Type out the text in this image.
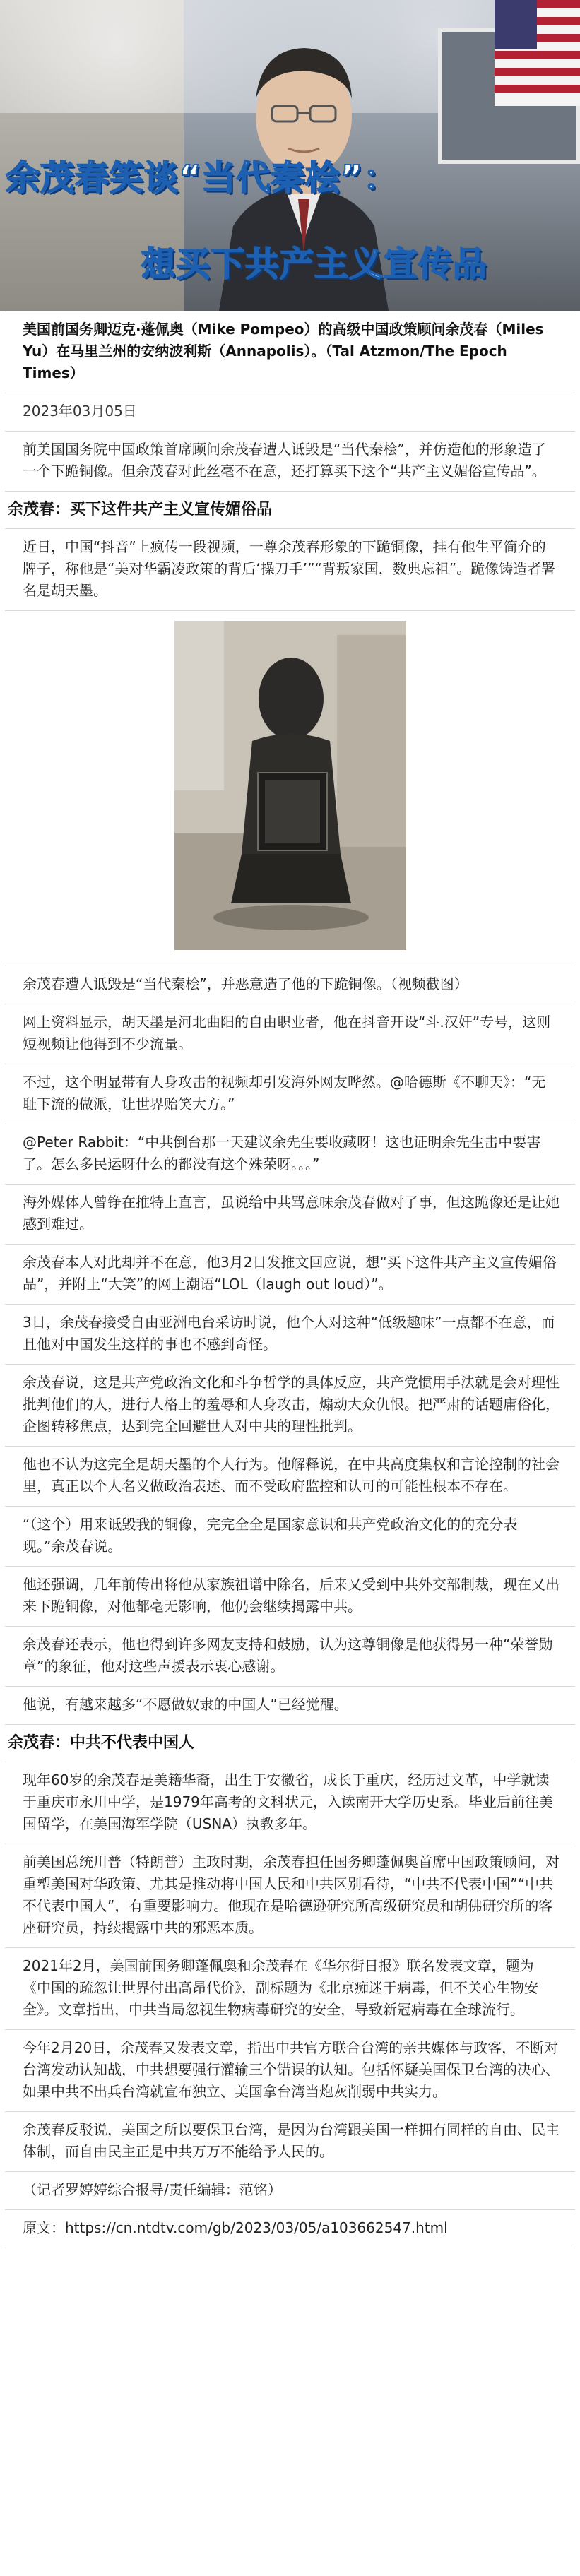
余茂春笑谈“当代秦桧”：
想买下共产主义宣传品
美国前国务卿迈克·蓬佩奥（Mike Pompeo）的高级中国政策顾问余茂春（Miles Yu）在马里兰州的安纳波利斯（Annapolis）。（Tal Atzmon/The Epoch Times）
2023年03月05日
前美国国务院中国政策首席顾问余茂春遭人诋毁是“当代秦桧”，并仿造他的形象造了一个下跪铜像。但余茂春对此丝毫不在意，还打算买下这个“共产主义媚俗宣传品”。
余茂春：买下这件共产主义宣传媚俗品
近日，中国“抖音”上疯传一段视频，一尊余茂春形象的下跪铜像，挂有他生平简介的牌子，称他是“美对华霸凌政策的背后‘操刀手’”“背叛家国，数典忘祖”。跪像铸造者署名是胡天墨。
余茂春遭人诋毁是“当代秦桧”，并恶意造了他的下跪铜像。（视频截图）
网上资料显示，胡天墨是河北曲阳的自由职业者，他在抖音开设“斗.汉奸”专号，这则短视频让他得到不少流量。
不过，这个明显带有人身攻击的视频却引发海外网友哗然。@哈德斯《不聊天》：“无耻下流的做派，让世界贻笑大方。”
@Peter Rabbit：“中共倒台那一天建议余先生要收藏呀！这也证明余先生击中要害了。怎么多民运呀什么的都没有这个殊荣呀。。。”
海外媒体人曾铮在推特上直言，虽说给中共骂意味余茂春做对了事，但这跪像还是让她感到难过。
余茂春本人对此却并不在意，他3月2日发推文回应说，想“买下这件共产主义宣传媚俗品”，并附上“大笑”的网上潮语“LOL（laugh out loud）”。
3日，余茂春接受自由亚洲电台采访时说，他个人对这种“低级趣味”一点都不在意，而且他对中国发生这样的事也不感到奇怪。
余茂春说，这是共产党政治文化和斗争哲学的具体反应，共产党惯用手法就是会对理性批判他们的人，进行人格上的羞辱和人身攻击，煽动大众仇恨。把严肃的话题庸俗化，企图转移焦点，达到完全回避世人对中共的理性批判。
他也不认为这完全是胡天墨的个人行为。他解释说，在中共高度集权和言论控制的社会里，真正以个人名义做政治表述、而不受政府监控和认可的可能性根本不存在。
“（这个）用来诋毁我的铜像，完完全全是国家意识和共产党政治文化的的充分表现。”余茂春说。
他还强调，几年前传出将他从家族祖谱中除名，后来又受到中共外交部制裁，现在又出来下跪铜像，对他都毫无影响，他仍会继续揭露中共。
余茂春还表示，他也得到许多网友支持和鼓励，认为这尊铜像是他获得另一种“荣誉勋章”的象征，他对这些声援表示衷心感谢。
他说，有越来越多“不愿做奴隶的中国人”已经觉醒。
余茂春：中共不代表中国人
现年60岁的余茂春是美籍华裔，出生于安徽省，成长于重庆，经历过文革，中学就读于重庆市永川中学，是1979年高考的文科状元，入读南开大学历史系。毕业后前往美国留学，在美国海军学院（USNA）执教多年。
前美国总统川普（特朗普）主政时期，余茂春担任国务卿蓬佩奥首席中国政策顾问，对重塑美国对华政策、尤其是推动将中国人民和中共区别看待，“中共不代表中国”“中共不代表中国人”，有重要影响力。他现在是哈德逊研究所高级研究员和胡佛研究所的客座研究员，持续揭露中共的邪恶本质。
2021年2月，美国前国务卿蓬佩奥和余茂春在《华尔街日报》联名发表文章，题为《中国的疏忽让世界付出高昂代价》，副标题为《北京痴迷于病毒，但不关心生物安全》。文章指出，中共当局忽视生物病毒研究的安全，导致新冠病毒在全球流行。
今年2月20日，余茂春又发表文章，指出中共官方联合台湾的亲共媒体与政客，不断对台湾发动认知战，中共想要强行灌输三个错误的认知。包括怀疑美国保卫台湾的决心、如果中共不出兵台湾就宣布独立、美国拿台湾当炮灰削弱中共实力。
余茂春反驳说，美国之所以要保卫台湾，是因为台湾跟美国一样拥有同样的自由、民主体制，而自由民主正是中共万万不能给予人民的。
（记者罗婷婷综合报导/责任编辑：范铭）
原文：https://cn.ntdtv.com/gb/2023/03/05/a103662547.html
